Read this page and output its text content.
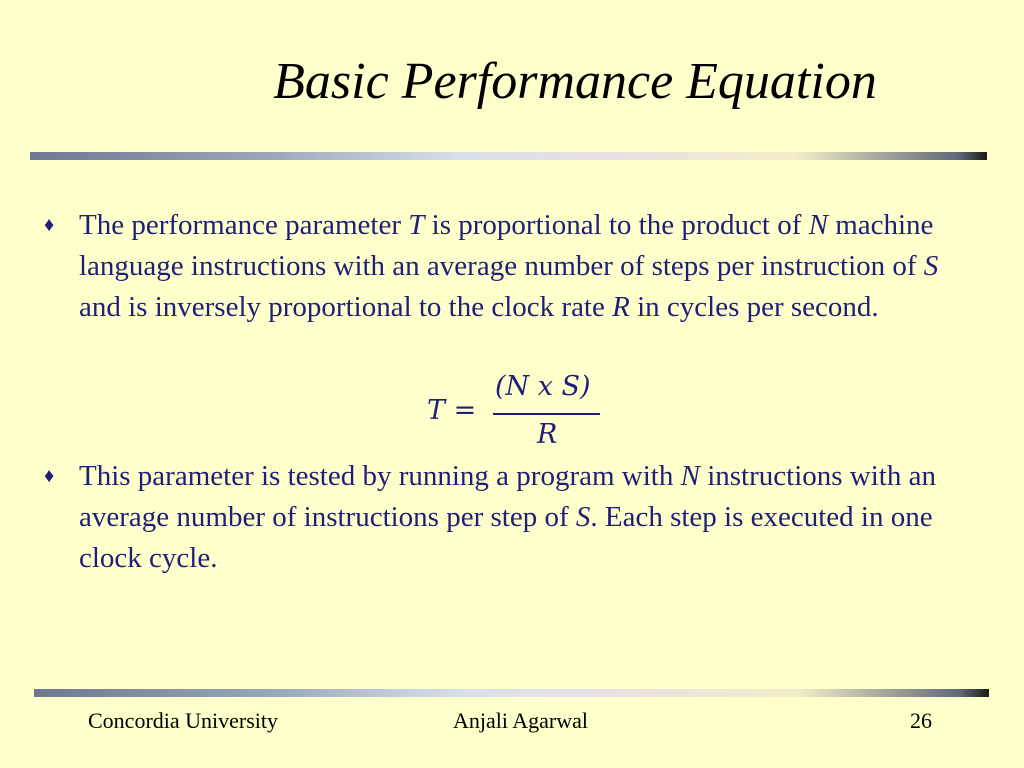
Basic Performance Equation
♦ The performance parameter T is proportional to the product of N machine language instructions with an average number of steps per instruction of S and is inversely proportional to the clock rate R in cycles per second.
T =
(N x S)
R
♦ This parameter is tested by running a program with N instructions with an average number of instructions per step of S. Each step is executed in one clock cycle.
Concordia University	Anjali Agarwal	26
